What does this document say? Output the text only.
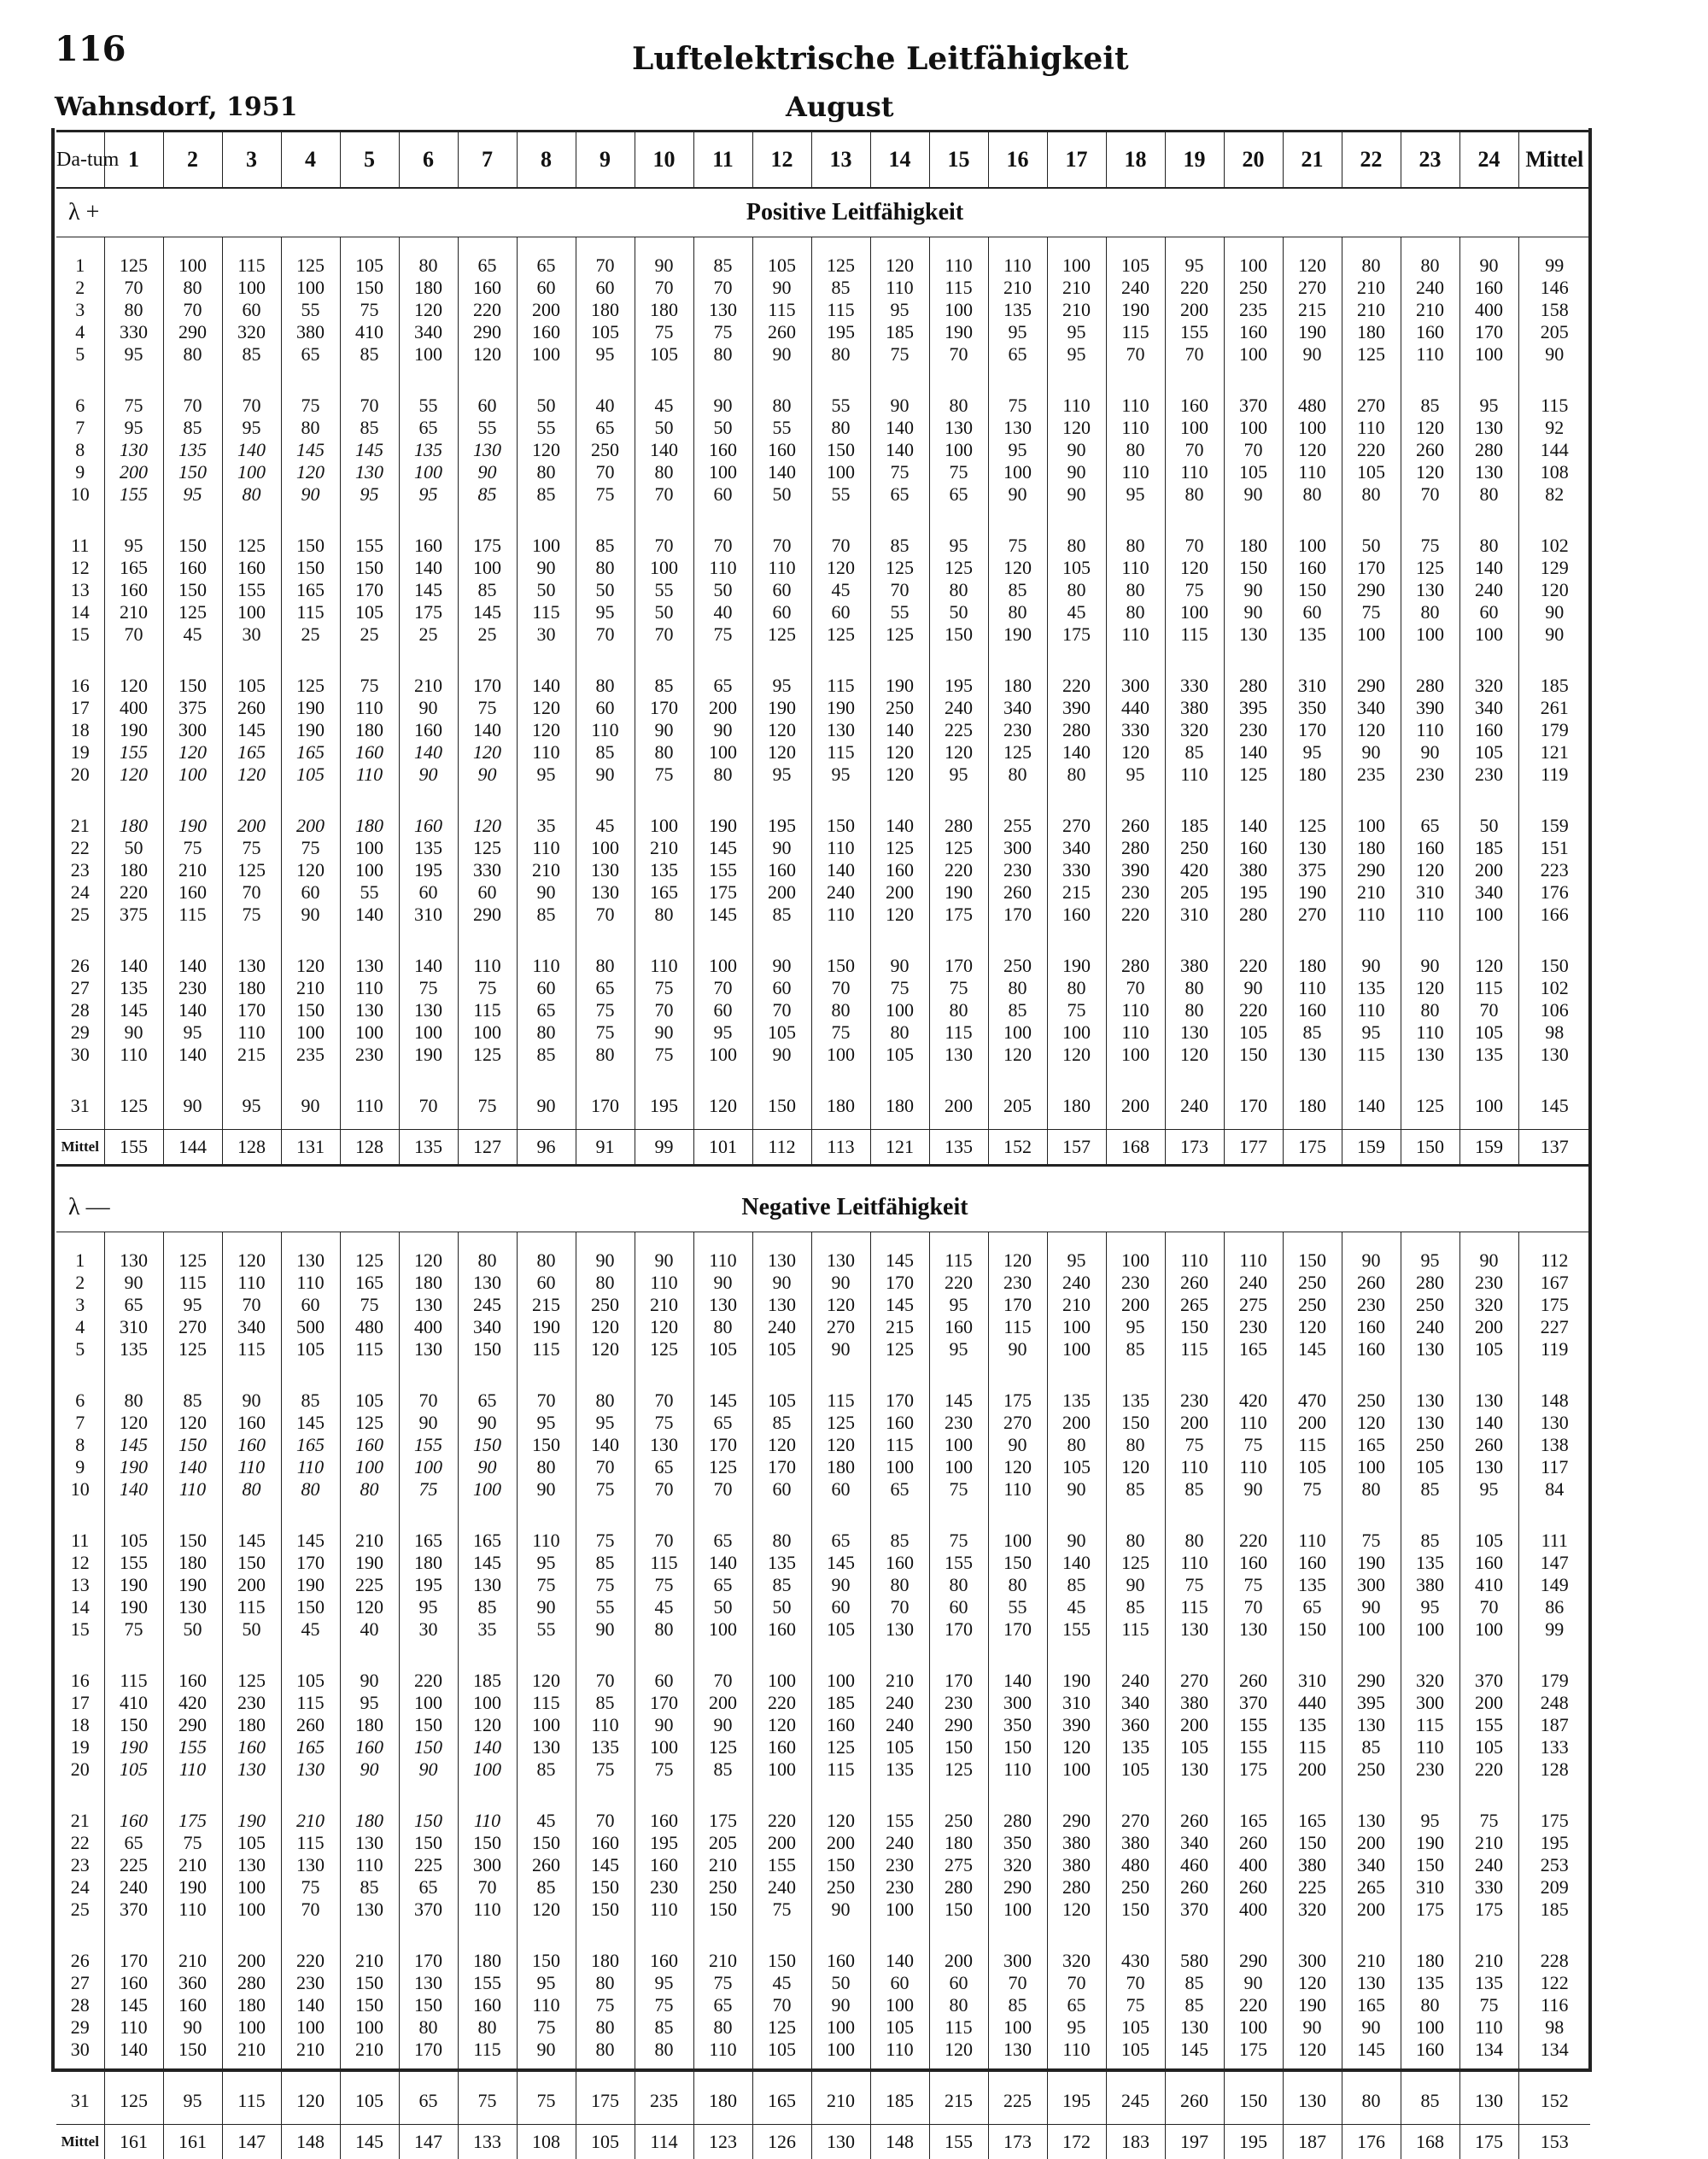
116	Luftelektrische Leitfähigkeit
Wahnsdorf, 1951	August
Da-tum	1	2	3	4	5	6	7	8	9	10	11	12	13	14	15	16	17	18	19	20	21	22	23	24	Mittel
λ +			Positive Leitfähigkeit																						
1	125	100	115	125	105	80	65	65	70	90	85	105	125	120	110	110	100	105	95	100	120	80	80	90	99
2	70	80	100	100	150	180	160	60	60	70	70	90	85	110	115	210	210	240	220	250	270	210	240	160	146
3	80	70	60	55	75	120	220	200	180	180	130	115	115	95	100	135	210	190	200	235	215	210	210	400	158
4	330	290	320	380	410	340	290	160	105	75	75	260	195	185	190	95	95	115	155	160	190	180	160	170	205
5	95	80	85	65	85	100	120	100	95	105	80	90	80	75	70	65	95	70	70	100	90	125	110	100	90
6	75	70	70	75	70	55	60	50	40	45	90	80	55	90	80	75	110	110	160	370	480	270	85	95	115
7	95	85	95	80	85	65	55	55	65	50	50	55	80	140	130	130	120	110	100	100	100	110	120	130	92
8	130	135	140	145	145	135	130	120	250	140	160	160	150	140	100	95	90	80	70	70	120	220	260	280	144
9	200	150	100	120	130	100	90	80	70	80	100	140	100	75	75	100	90	110	110	105	110	105	120	130	108
10	155	95	80	90	95	95	85	85	75	70	60	50	55	65	65	90	90	95	80	90	80	80	70	80	82
11	95	150	125	150	155	160	175	100	85	70	70	70	70	85	95	75	80	80	70	180	100	50	75	80	102
12	165	160	160	150	150	140	100	90	80	100	110	110	120	125	125	120	105	110	120	150	160	170	125	140	129
13	160	150	155	165	170	145	85	50	50	55	50	60	45	70	80	85	80	80	75	90	150	290	130	240	120
14	210	125	100	115	105	175	145	115	95	50	40	60	60	55	50	80	45	80	100	90	60	75	80	60	90
15	70	45	30	25	25	25	25	30	70	70	75	125	125	125	150	190	175	110	115	130	135	100	100	100	90
16	120	150	105	125	75	210	170	140	80	85	65	95	115	190	195	180	220	300	330	280	310	290	280	320	185
17	400	375	260	190	110	90	75	120	60	170	200	190	190	250	240	340	390	440	380	395	350	340	390	340	261
18	190	300	145	190	180	160	140	120	110	90	90	120	130	140	225	230	280	330	320	230	170	120	110	160	179
19	155	120	165	165	160	140	120	110	85	80	100	120	115	120	120	125	140	120	85	140	95	90	90	105	121
20	120	100	120	105	110	90	90	95	90	75	80	95	95	120	95	80	80	95	110	125	180	235	230	230	119
21	180	190	200	200	180	160	120	35	45	100	190	195	150	140	280	255	270	260	185	140	125	100	65	50	159
22	50	75	75	75	100	135	125	110	100	210	145	90	110	125	125	300	340	280	250	160	130	180	160	185	151
23	180	210	125	120	100	195	330	210	130	135	155	160	140	160	220	230	330	390	420	380	375	290	120	200	223
24	220	160	70	60	55	60	60	90	130	165	175	200	240	200	190	260	215	230	205	195	190	210	310	340	176
25	375	115	75	90	140	310	290	85	70	80	145	85	110	120	175	170	160	220	310	280	270	110	110	100	166
26	140	140	130	120	130	140	110	110	80	110	100	90	150	90	170	250	190	280	380	220	180	90	90	120	150
27	135	230	180	210	110	75	75	60	65	75	70	60	70	75	75	80	80	70	80	90	110	135	120	115	102
28	145	140	170	150	130	130	115	65	75	70	60	70	80	100	80	85	75	110	80	220	160	110	80	70	106
29	90	95	110	100	100	100	100	80	75	90	95	105	75	80	115	100	100	110	130	105	85	95	110	105	98
30	110	140	215	235	230	190	125	85	80	75	100	90	100	105	130	120	120	100	120	150	130	115	130	135	130
31	125	90	95	90	110	70	75	90	170	195	120	150	180	180	200	205	180	200	240	170	180	140	125	100	145
Mittel	155	144	128	131	128	135	127	96	91	99	101	112	113	121	135	152	157	168	173	177	175	159	150	159	137

λ —			Negative Leitfähigkeit																						
1	130	125	120	130	125	120	80	80	90	90	110	130	130	145	115	120	95	100	110	110	150	90	95	90	112
2	90	115	110	110	165	180	130	60	80	110	90	90	90	170	220	230	240	230	260	240	250	260	280	230	167
3	65	95	70	60	75	130	245	215	250	210	130	130	120	145	95	170	210	200	265	275	250	230	250	320	175
4	310	270	340	500	480	400	340	190	120	120	80	240	270	215	160	115	100	95	150	230	120	160	240	200	227
5	135	125	115	105	115	130	150	115	120	125	105	105	90	125	95	90	100	85	115	165	145	160	130	105	119
6	80	85	90	85	105	70	65	70	80	70	145	105	115	170	145	175	135	135	230	420	470	250	130	130	148
7	120	120	160	145	125	90	90	95	95	75	65	85	125	160	230	270	200	150	200	110	200	120	130	140	130
8	145	150	160	165	160	155	150	150	140	130	170	120	120	115	100	90	80	80	75	75	115	165	250	260	138
9	190	140	110	110	100	100	90	80	70	65	125	170	180	100	100	120	105	120	110	110	105	100	105	130	117
10	140	110	80	80	80	75	100	90	75	70	70	60	60	65	75	110	90	85	85	90	75	80	85	95	84
11	105	150	145	145	210	165	165	110	75	70	65	80	65	85	75	100	90	80	80	220	110	75	85	105	111
12	155	180	150	170	190	180	145	95	85	115	140	135	145	160	155	150	140	125	110	160	160	190	135	160	147
13	190	190	200	190	225	195	130	75	75	75	65	85	90	80	80	80	85	90	75	75	135	300	380	410	149
14	190	130	115	150	120	95	85	90	55	45	50	50	60	70	60	55	45	85	115	70	65	90	95	70	86
15	75	50	50	45	40	30	35	55	90	80	100	160	105	130	170	170	155	115	130	130	150	100	100	100	99
16	115	160	125	105	90	220	185	120	70	60	70	100	100	210	170	140	190	240	270	260	310	290	320	370	179
17	410	420	230	115	95	100	100	115	85	170	200	220	185	240	230	300	310	340	380	370	440	395	300	200	248
18	150	290	180	260	180	150	120	100	110	90	90	120	160	240	290	350	390	360	200	155	135	130	115	155	187
19	190	155	160	165	160	150	140	130	135	100	125	160	125	105	150	150	120	135	105	155	115	85	110	105	133
20	105	110	130	130	90	90	100	85	75	75	85	100	115	135	125	110	100	105	130	175	200	250	230	220	128
21	160	175	190	210	180	150	110	45	70	160	175	220	120	155	250	280	290	270	260	165	165	130	95	75	175
22	65	75	105	115	130	150	150	150	160	195	205	200	200	240	180	350	380	380	340	260	150	200	190	210	195
23	225	210	130	130	110	225	300	260	145	160	210	155	150	230	275	320	380	480	460	400	380	340	150	240	253
24	240	190	100	75	85	65	70	85	150	230	250	240	250	230	280	290	280	250	260	260	225	265	310	330	209
25	370	110	100	70	130	370	110	120	150	110	150	75	90	100	150	100	120	150	370	400	320	200	175	175	185
26	170	210	200	220	210	170	180	150	180	160	210	150	160	140	200	300	320	430	580	290	300	210	180	210	228
27	160	360	280	230	150	130	155	95	80	95	75	45	50	60	60	70	70	70	85	90	120	130	135	135	122
28	145	160	180	140	150	150	160	110	75	75	65	70	90	100	80	85	65	75	85	220	190	165	80	75	116
29	110	90	100	100	100	80	80	75	80	85	80	125	100	105	115	100	95	105	130	100	90	90	100	110	98
30	140	150	210	210	210	170	115	90	80	80	110	105	100	110	120	130	110	105	145	175	120	145	160	134	134
31	125	95	115	120	105	65	75	75	175	235	180	165	210	185	215	225	195	245	260	150	130	80	85	130	152
Mittel	161	161	147	148	145	147	133	108	105	114	123	126	130	148	155	173	172	183	197	195	187	176	168	175	153
